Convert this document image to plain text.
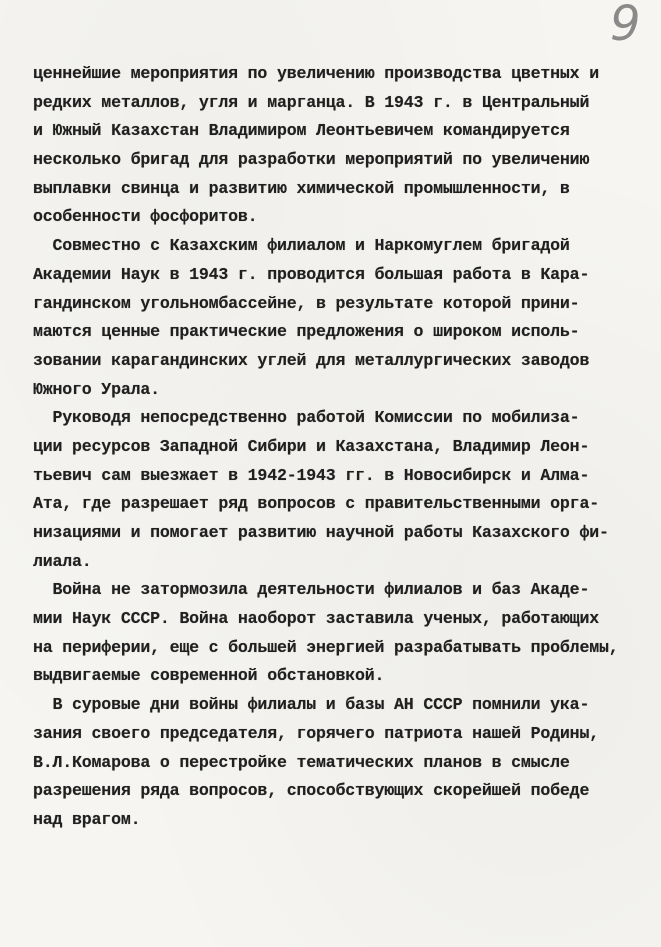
9
ценнейшие мероприятия по увеличению производства цветных и
редких металлов, угля и марганца. В 1943 г. в Центральный
и Южный Казахстан Владимиром Леонтьевичем командируется
несколько бригад для разработки мероприятий по увеличению
выплавки свинца и развитию химической промышленности, в
особенности фосфоритов.
Совместно с Казахским филиалом и Наркомуглем бригадой
Академии Наук в 1943 г. проводится большая работа в Кара-
гандинском угольномбассейне, в результате которой прини-
маются ценные практические предложения о широком исполь-
зовании карагандинских углей для металлургических заводов
Южного Урала.
Руководя непосредственно работой Комиссии по мобилиза-
ции ресурсов Западной Сибири и Казахстана, Владимир Леон-
тьевич сам выезжает в 1942-1943 гг. в Новосибирск и Алма-
Ата, где разрешает ряд вопросов с правительственными орга-
низациями и помогает развитию научной работы Казахского фи-
лиала.
Война не затормозила деятельности филиалов и баз Акаде-
мии Наук СССР. Война наоборот заставила ученых, работающих
на периферии, еще с большей энергией разрабатывать проблемы,
выдвигаемые современной обстановкой.
В суровые дни войны филиалы и базы АН СССР помнили ука-
зания своего председателя, горячего патриота нашей Родины,
В.Л.Комарова о перестройке тематических планов в смысле
разрешения ряда вопросов, способствующих скорейшей победе
над врагом.
